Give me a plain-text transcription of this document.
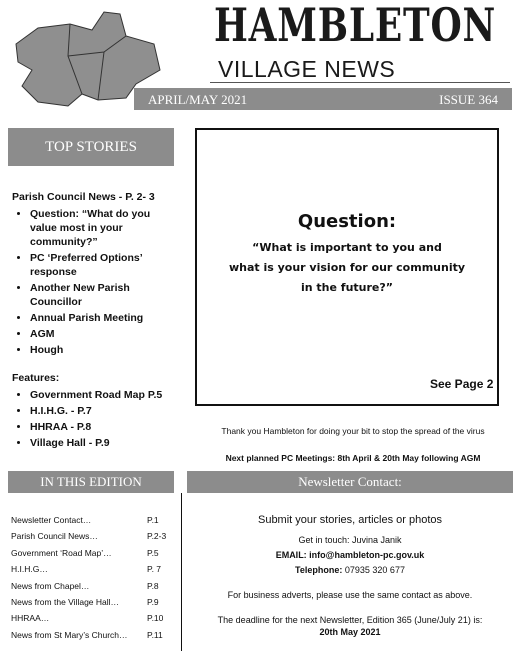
HAMBLETON
VILLAGE NEWS
APRIL/MAY 2021	ISSUE 364
TOP STORIES
Parish Council News - P. 2- 3
• Question: “What do you value most in your community?”
• PC ‘Preferred Options’ response
• Another New Parish Councillor
• Annual Parish Meeting
• AGM
• Hough
Features:
• Government Road Map P.5
• H.I.H.G. - P.7
• HHRAA - P.8
• Village Hall - P.9
Question:
“What is important to you and
what is your vision for our community
in the future?”
See Page 2
Thank you Hambleton for doing your bit to stop the spread of the virus
Next planned PC Meetings: 8th April & 20th May following AGM
IN THIS EDITION
Newsletter Contact…	P.1
Parish Council News…	P.2-3
Government ‘Road Map’…	P.5
H.I.H.G…	P. 7
News from Chapel…	P.8
News from the Village Hall…	P.9
HHRAA…	P.10
News from St Mary’s Church… P.11
Newsletter Contact:
Submit your stories, articles or photos
Get in touch: Juvina Janik
EMAIL: info@hambleton-pc.gov.uk
Telephone: 07935 320 677
For business adverts, please use the same contact as above.
The deadline for the next Newsletter, Edition 365 (June/July 21) is:
20th May 2021
